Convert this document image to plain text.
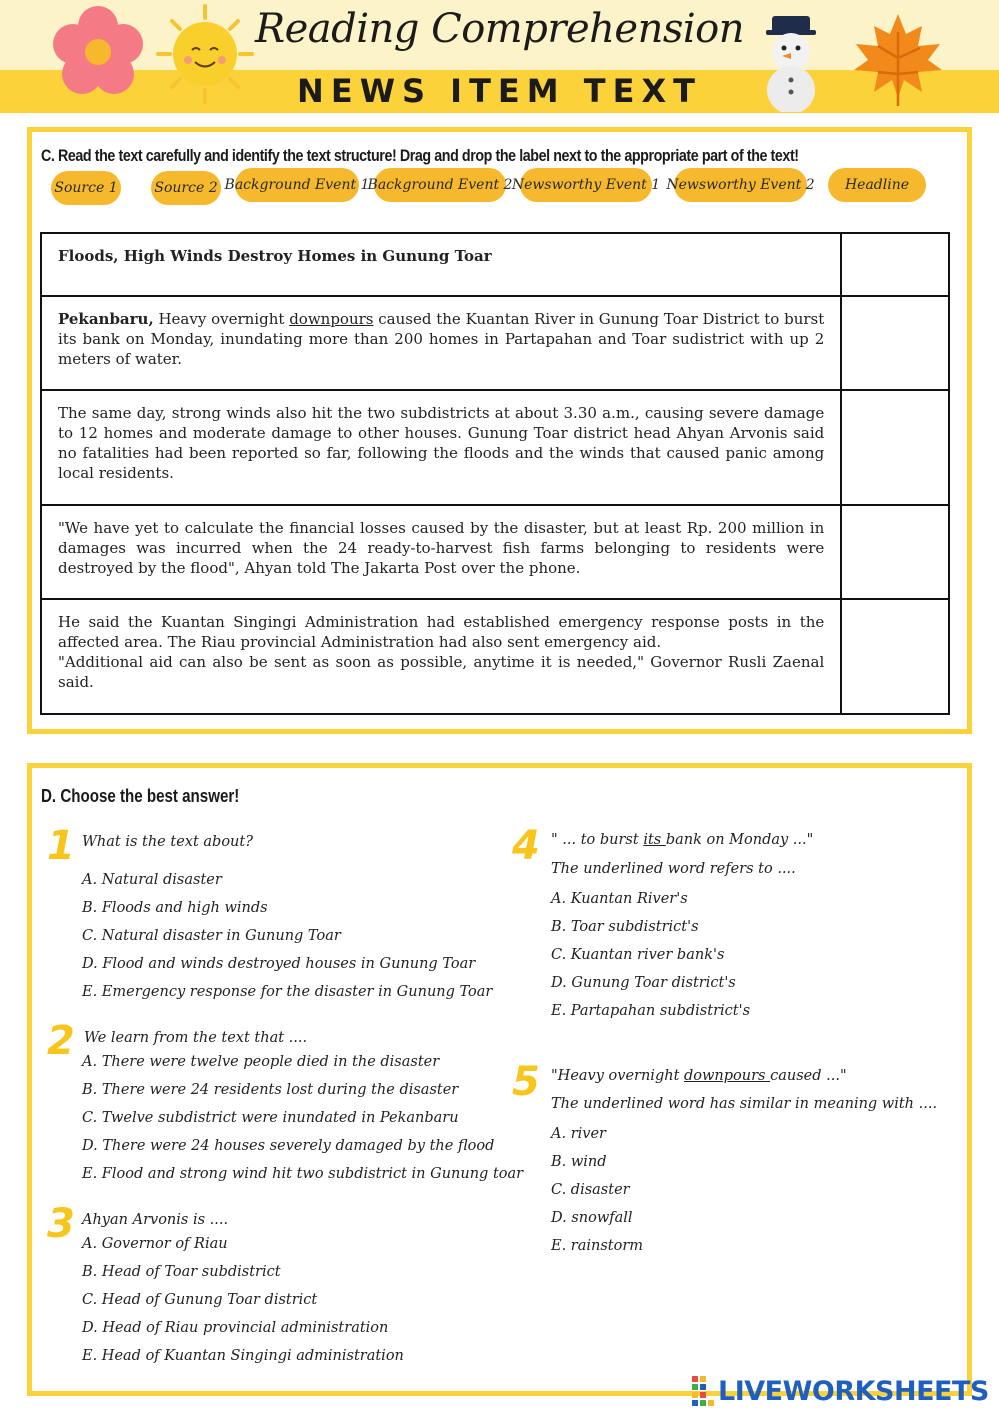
Reading Comprehension
NEWS ITEM TEXT
C. Read the text carefully and identify the text structure! Drag and drop the label next to the appropriate part of the text!
Source 1	Source 2 Background Event 1
Background Event 2 Newsworthy Event 1 Newsworthy Event 2	Headline
Floods, High Winds Destroy Homes in Gunung Toar	
Pekanbaru, Heavy overnight downpours caused the Kuantan River in Gunung Toar District to burst its bank on Monday, inundating more than 200 homes in Partapahan and Toar sudistrict with up 2 meters of water.	
The same day, strong winds also hit the two subdistricts at about 3.30 a.m., causing severe damage to 12 homes and moderate damage to other houses. Gunung Toar district head Ahyan Arvonis said no fatalities had been reported so far, following the floods and the winds that caused panic among local residents.	
"We have yet to calculate the financial losses caused by the disaster, but at least Rp. 200 million in damages was incurred when the 24 ready-to-harvest fish farms belonging to residents were destroyed by the flood", Ahyan told The Jakarta Post over the phone.	

He said the Kuantan Singingi Administration had established emergency response posts in the affected area. The Riau provincial Administration had also sent emergency aid.
"Additional aid can also be sent as soon as possible, anytime it is needed," Governor Rusli Zaenal said.	

D. Choose the best answer!
1 What is the text about?
A. Natural disaster
B. Floods and high winds
C. Natural disaster in Gunung Toar
D. Flood and winds destroyed houses in Gunung Toar
E. Emergency response for the disaster in Gunung Toar
2 We learn from the text that ....
A. There were twelve people died in the disaster
B. There were 24 residents lost during the disaster
C. Twelve subdistrict were inundated in Pekanbaru
D. There were 24 houses severely damaged by the flood
E. Flood and strong wind hit two subdistrict in Gunung toar
3 Ahyan Arvonis is ....
A. Governor of Riau
B. Head of Toar subdistrict
C. Head of Gunung Toar district
D. Head of Riau provincial administration
E. Head of Kuantan Singingi administration
4 " ... to burst its bank on Monday ..."
The underlined word refers to ....
A. Kuantan River's
B. Toar subdistrict's
C. Kuantan river bank's
D. Gunung Toar district's
E. Partapahan subdistrict's
5 "Heavy overnight downpours caused ..."
The underlined word has similar in meaning with ....
A. river
B. wind
C. disaster
D. snowfall
E. rainstorm
LIVEWORKSHEETS
